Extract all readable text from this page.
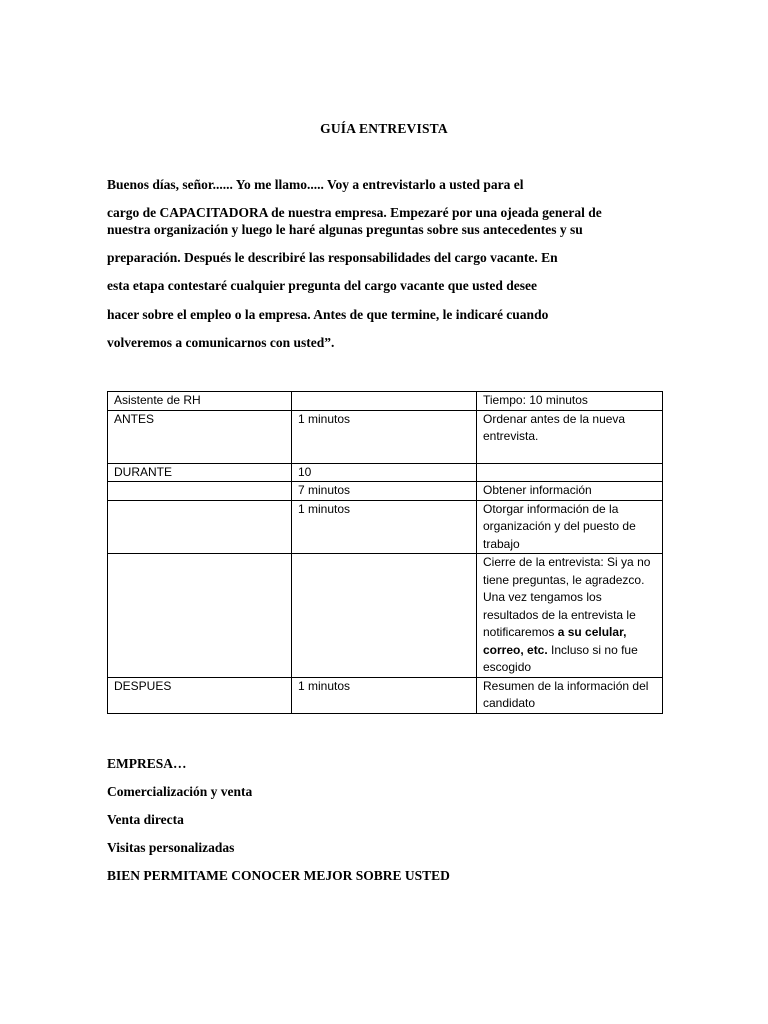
GUÍA ENTREVISTA
Buenos días, señor...... Yo me llamo..... Voy a entrevistarlo a usted para el
cargo de CAPACITADORA de nuestra empresa. Empezaré por una ojeada general de
nuestra organización y luego le haré algunas preguntas sobre sus antecedentes y su
preparación. Después le describiré las responsabilidades del cargo vacante. En
esta etapa contestaré cualquier pregunta del cargo vacante que usted desee
hacer sobre el empleo o la empresa. Antes de que termine, le indicaré cuando
volveremos a comunicarnos con usted”.
Asistente de RH		Tiempo: 10 minutos
ANTES	1 minutos	Ordenar antes de la nueva entrevista.
DURANTE	10	
	7 minutos	Obtener información
	1 minutos	Otorgar información de la organización y del puesto de trabajo

		Cierre de la entrevista: Si ya no tiene preguntas, le agradezco.
Una vez tengamos los resultados de la entrevista le notificaremos a su celular, correo, etc. Incluso si no fue escogido
DESPUES	1 minutos	Resumen de la información del candidato
EMPRESA…
Comercialización y venta
Venta directa
Visitas personalizadas
BIEN PERMITAME CONOCER MEJOR SOBRE USTED
